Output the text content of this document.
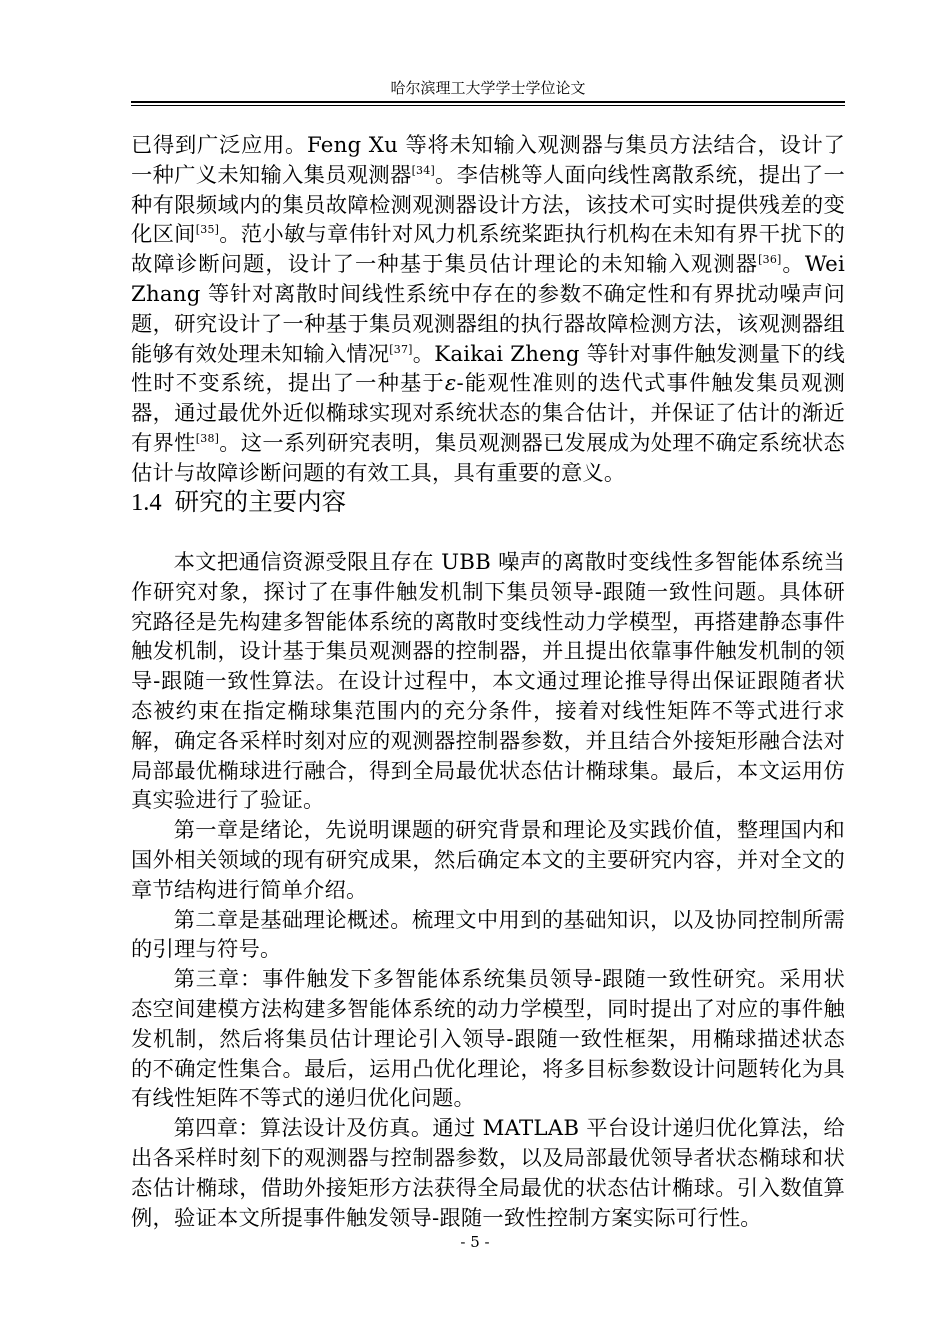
哈尔滨理工大学学士学位论文

已得到广泛应用。Feng Xu 等将未知输入观测器与集员方法结合，设计了一种广义未知输入集员观测器[34]。李佶桃等人面向线性离散系统，提出了一种有限频域内的集员故障检测观测器设计方法，该技术可实时提供残差的变化区间[35]。范小敏与章伟针对风力机系统桨距执行机构在未知有界干扰下的故障诊断问题，设计了一种基于集员估计理论的未知输入观测器[36]。Wei Zhang 等针对离散时间线性系统中存在的参数不确定性和有界扰动噪声问题，研究设计了一种基于集员观测器组的执行器故障检测方法，该观测器组能够有效处理未知输入情况[37]。Kaikai Zheng 等针对事件触发测量下的线性时不变系统，提出了一种基于ε-能观性准则的迭代式事件触发集员观测器，通过最优外近似椭球实现对系统状态的集合估计，并保证了估计的渐近有界性[38]。这一系列研究表明，集员观测器已发展成为处理不确定系统状态估计与故障诊断问题的有效工具，具有重要的意义。

1.4 研究的主要内容

本文把通信资源受限且存在 UBB 噪声的离散时变线性多智能体系统当作研究对象，探讨了在事件触发机制下集员领导-跟随一致性问题。具体研究路径是先构建多智能体系统的离散时变线性动力学模型，再搭建静态事件触发机制，设计基于集员观测器的控制器，并且提出依靠事件触发机制的领导-跟随一致性算法。在设计过程中，本文通过理论推导得出保证跟随者状态被约束在指定椭球集范围内的充分条件，接着对线性矩阵不等式进行求解，确定各采样时刻对应的观测器控制器参数，并且结合外接矩形融合法对局部最优椭球进行融合，得到全局最优状态估计椭球集。最后，本文运用仿真实验进行了验证。

第一章是绪论，先说明课题的研究背景和理论及实践价值，整理国内和国外相关领域的现有研究成果，然后确定本文的主要研究内容，并对全文的章节结构进行简单介绍。

第二章是基础理论概述。梳理文中用到的基础知识，以及协同控制所需的引理与符号。

第三章：事件触发下多智能体系统集员领导-跟随一致性研究。采用状态空间建模方法构建多智能体系统的动力学模型，同时提出了对应的事件触发机制，然后将集员估计理论引入领导-跟随一致性框架，用椭球描述状态的不确定性集合。最后，运用凸优化理论，将多目标参数设计问题转化为具有线性矩阵不等式的递归优化问题。

第四章：算法设计及仿真。通过 MATLAB 平台设计递归优化算法，给出各采样时刻下的观测器与控制器参数，以及局部最优领导者状态椭球和状态估计椭球，借助外接矩形方法获得全局最优的状态估计椭球。引入数值算例，验证本文所提事件触发领导-跟随一致性控制方案实际可行性。

- 5 -
